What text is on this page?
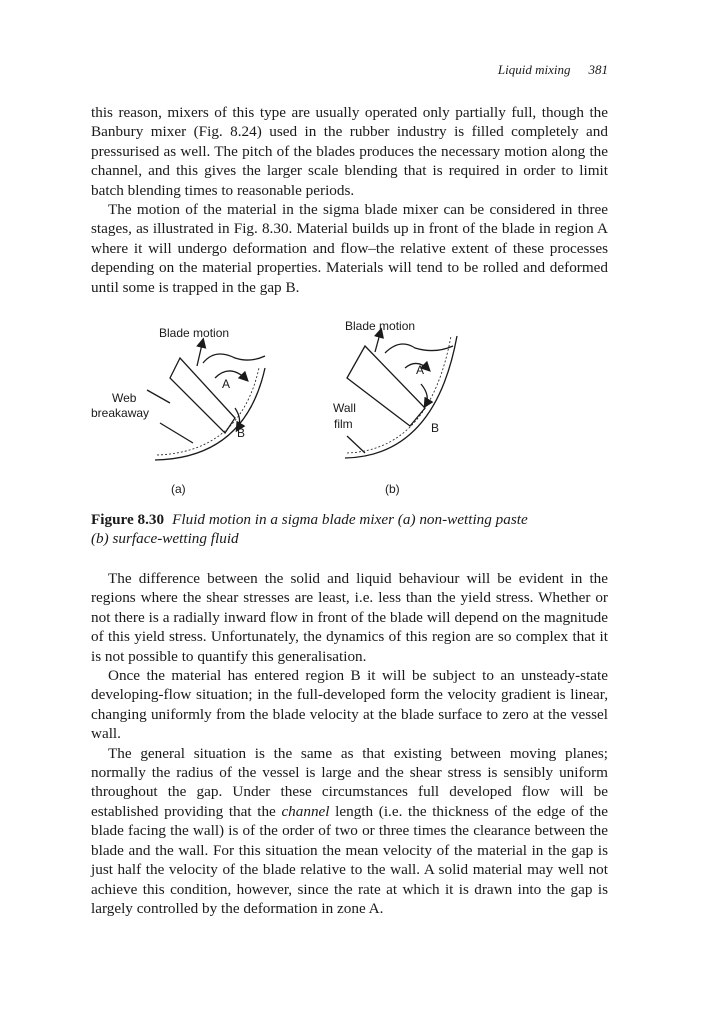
Liquid mixing 381

this reason, mixers of this type are usually operated only partially full, though the Banbury mixer (Fig. 8.24) used in the rubber industry is filled completely and pressurised as well. The pitch of the blades produces the necessary motion along the channel, and this gives the larger scale blending that is required in order to limit batch blending times to reasonable periods.

The motion of the material in the sigma blade mixer can be considered in three stages, as illustrated in Fig. 8.30. Material builds up in front of the blade in region A where it will undergo deformation and flow–the relative extent of these processes depending on the material properties. Materials will tend to be rolled and deformed until some is trapped in the gap B.

Blade motion
A
B
Web
breakaway
(a)
Blade motion
A
B
Wall
film
(b)
Figure 8.30 Fluid motion in a sigma blade mixer (a) non-wetting paste
(b) surface-wetting fluid

The difference between the solid and liquid behaviour will be evident in the regions where the shear stresses are least, i.e. less than the yield stress. Whether or not there is a radially inward flow in front of the blade will depend on the magnitude of this yield stress. Unfortunately, the dynamics of this region are so complex that it is not possible to quantify this generalisation.

Once the material has entered region B it will be subject to an unsteady-state developing-flow situation; in the full-developed form the velocity gradient is linear, changing uniformly from the blade velocity at the blade surface to zero at the vessel wall.

The general situation is the same as that existing between moving planes; normally the radius of the vessel is large and the shear stress is sensibly uniform throughout the gap. Under these circumstances full developed flow will be established providing that the channel length (i.e. the thickness of the edge of the blade facing the wall) is of the order of two or three times the clearance between the blade and the wall. For this situation the mean velocity of the material in the gap is just half the velocity of the blade relative to the wall. A solid material may well not achieve this condition, however, since the rate at which it is drawn into the gap is largely controlled by the deformation in zone A.
